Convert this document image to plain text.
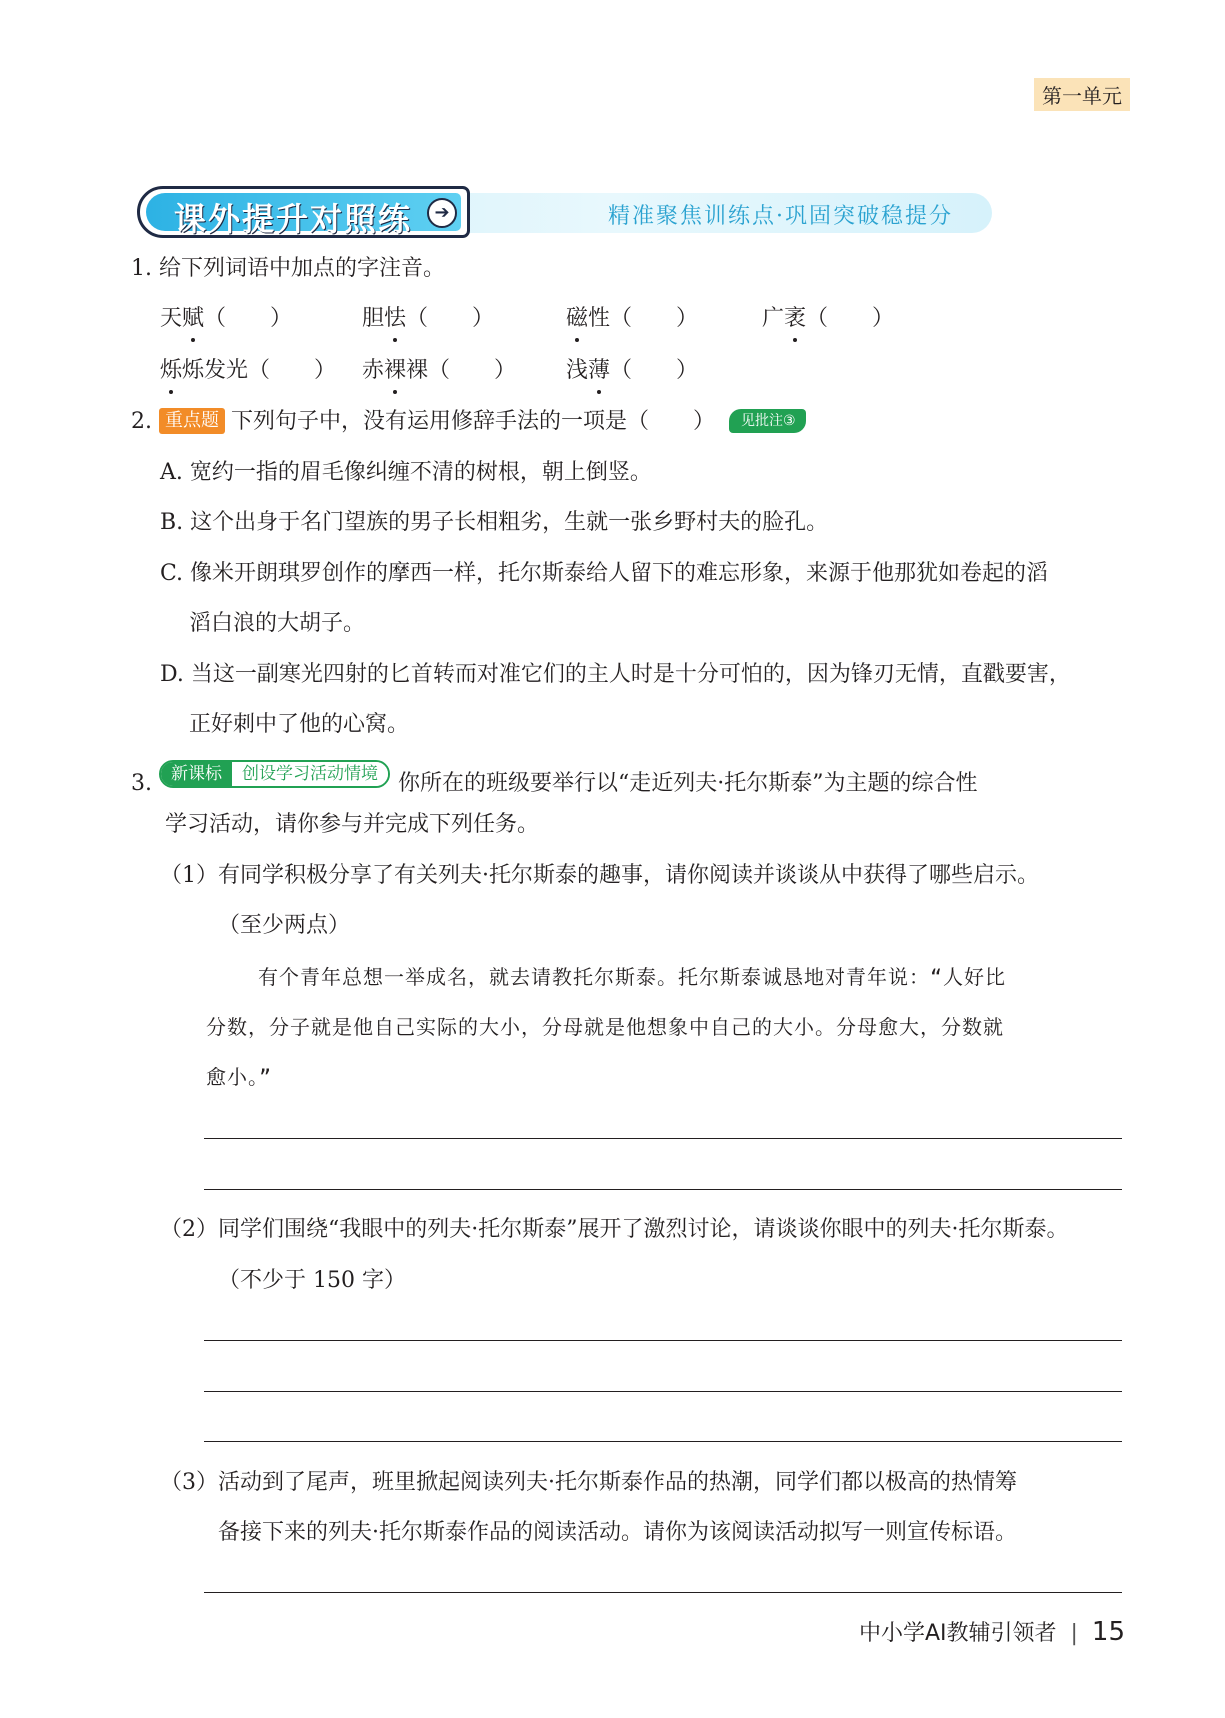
第一单元
精准聚焦训练点·巩固突破稳提分
课外提升对照练	➔
1. 给下列词语中加点的字注音。
天赋（　　）	胆怯（　　）	磁性（　　）	广袤（　　）
烁烁发光（　　） 赤裸裸（　　） 浅薄（　　）
2. 重点题 下列句子中，没有运用修辞手法的一项是（　　） 见批注③
A. 宽约一指的眉毛像纠缠不清的树根，朝上倒竖。
B. 这个出身于名门望族的男子长相粗劣，生就一张乡野村夫的脸孔。
C. 像米开朗琪罗创作的摩西一样，托尔斯泰给人留下的难忘形象，来源于他那犹如卷起的滔
滔白浪的大胡子。
D. 当这一副寒光四射的匕首转而对准它们的主人时是十分可怕的，因为锋刃无情，直戳要害，
正好刺中了他的心窝。
3. 新课标 创设学习活动情境 你所在的班级要举行以“走近列夫·托尔斯泰”为主题的综合性
学习活动，请你参与并完成下列任务。
（1）有同学积极分享了有关列夫·托尔斯泰的趣事，请你阅读并谈谈从中获得了哪些启示。
（至少两点）
有个青年总想一举成名，就去请教托尔斯泰。托尔斯泰诚恳地对青年说：“人好比
分数，分子就是他自己实际的大小，分母就是他想象中自己的大小。分母愈大，分数就
愈小。”
（2）同学们围绕“我眼中的列夫·托尔斯泰”展开了激烈讨论，请谈谈你眼中的列夫·托尔斯泰。
（不少于 150 字）
（3）活动到了尾声，班里掀起阅读列夫·托尔斯泰作品的热潮，同学们都以极高的热情筹
备接下来的列夫·托尔斯泰作品的阅读活动。请你为该阅读活动拟写一则宣传标语。
中小学AI教辅引领者 | 15
